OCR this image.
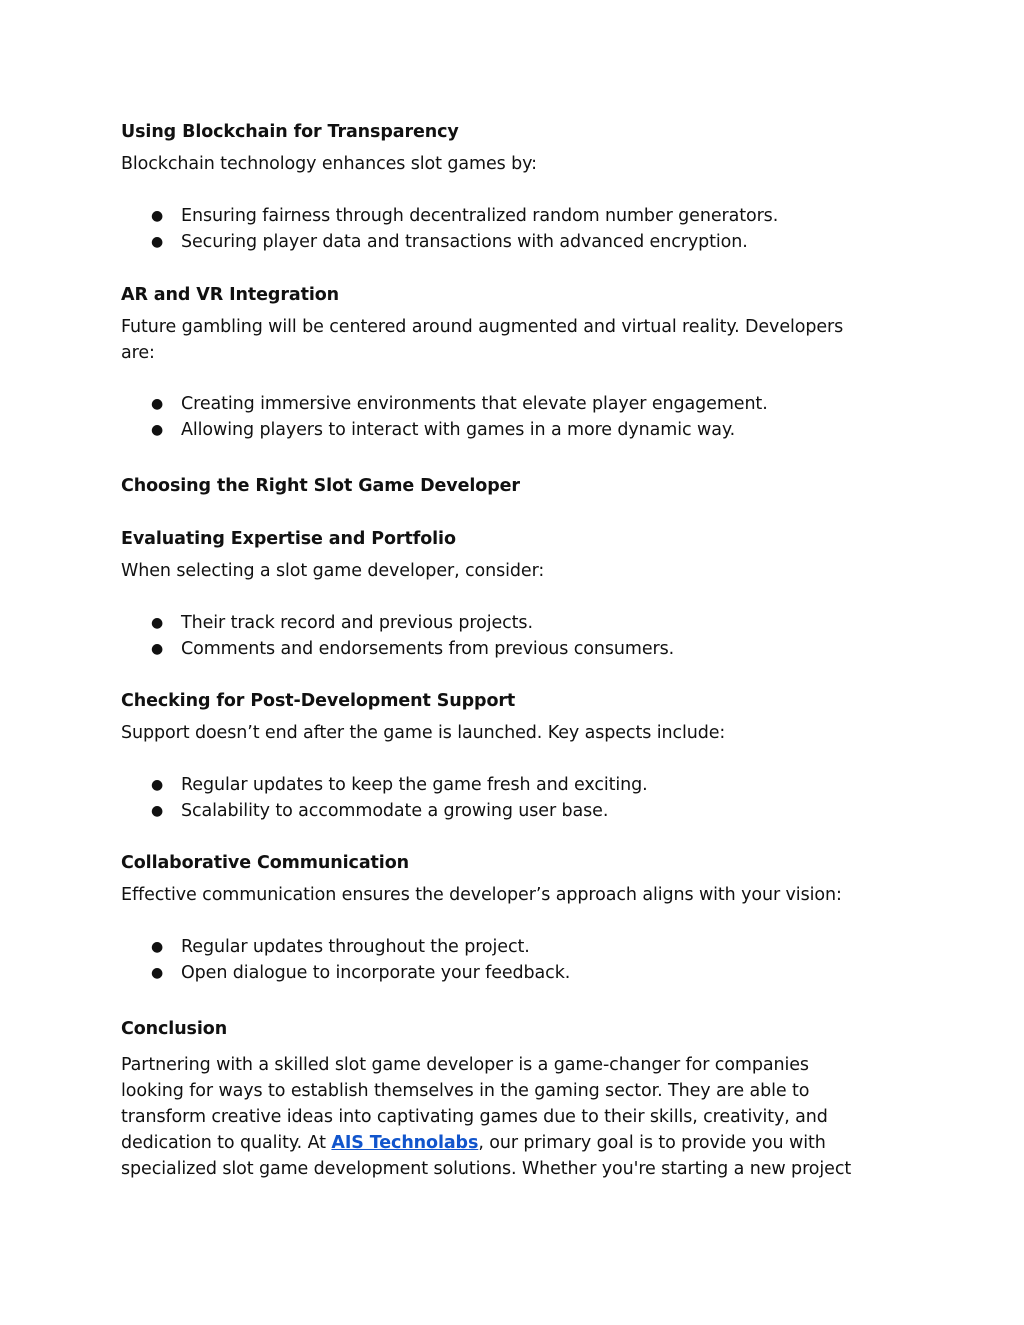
Using Blockchain for Transparency
Blockchain technology enhances slot games by:
● Ensuring fairness through decentralized random number generators.
● Securing player data and transactions with advanced encryption.
AR and VR Integration
Future gambling will be centered around augmented and virtual reality. Developers
are:
● Creating immersive environments that elevate player engagement.
● Allowing players to interact with games in a more dynamic way.
Choosing the Right Slot Game Developer
Evaluating Expertise and Portfolio
When selecting a slot game developer, consider:
● Their track record and previous projects.
● Comments and endorsements from previous consumers.
Checking for Post-Development Support
Support doesn’t end after the game is launched. Key aspects include:
● Regular updates to keep the game fresh and exciting.
● Scalability to accommodate a growing user base.
Collaborative Communication
Effective communication ensures the developer’s approach aligns with your vision:
● Regular updates throughout the project.
● Open dialogue to incorporate your feedback.
Conclusion
Partnering with a skilled slot game developer is a game-changer for companies
looking for ways to establish themselves in the gaming sector. They are able to
transform creative ideas into captivating games due to their skills, creativity, and
dedication to quality. At AIS Technolabs, our primary goal is to provide you with
specialized slot game development solutions. Whether you're starting a new project
